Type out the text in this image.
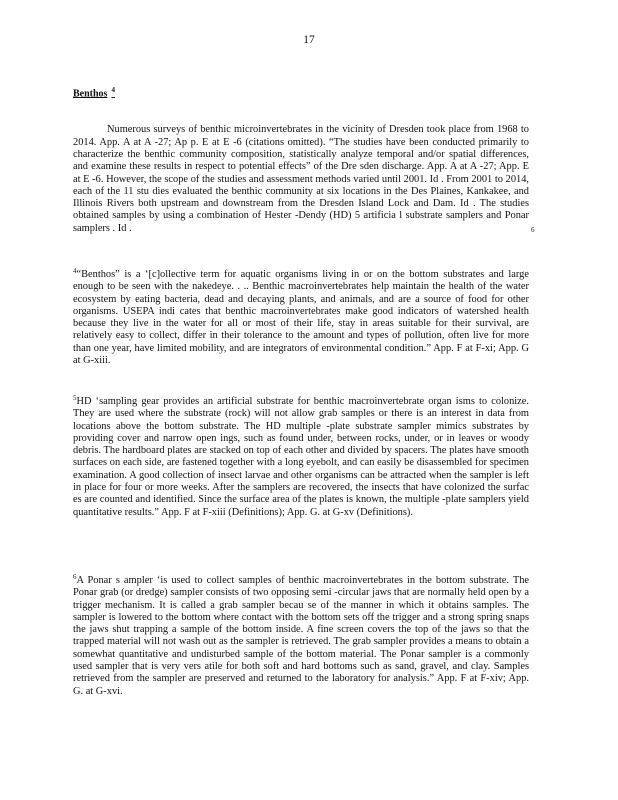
17
Benthos $^4$

Numerous surveys of benthic microinvertebrates in the vicinity of Dresden took place from 1968 to 2014. App. A at A -27; Ap p. E at E -6 (citations omitted). “The studies have been conducted primarily to characterize the benthic community composition, statistically analyze temporal and/or spatial differences, and examine these results in respect to potential effects” of the Dre sden discharge. App. A at A -27; App. E at E -6. However, the scope of the studies and assessment methods varied until 2001. Id . From 2001 to 2014, each of the 11 stu dies evaluated the benthic community at six locations in the Des Plaines, Kankakee, and Illinois Rivers both upstream and downstream from the Dresden Island Lock and Dam. Id . The studies obtained samples by using a combination of Hester -Dendy (HD) 5 artificia l substrate samplers and Ponar samplers . Id .	6
$^4$“Benthos” is a ‘[c]ollective term for aquatic organisms living in or on the bottom substrates and large enough to be seen with the nakedeye. . .. Benthic macroinvertebrates help maintain the health of the water ecosystem by eating bacteria, dead and decaying plants, and animals, and are a source of food for other organisms. USEPA indi cates that benthic macroinvertebrates make good indicators of watershed health because they live in the water for all or most of their life, stay in areas suitable for their survival, are relatively easy to collect, differ in their tolerance to the amount and types of pollution, often live for more than one year, have limited mobility, and are integrators of environmental condition.” App. F at F-xi; App. G at G-xiii.
$^5$HD ‘sampling gear provides an artificial substrate for benthic macroinvertebrate organ isms to colonize. They are used where the substrate (rock) will not allow grab samples or there is an interest in data from locations above the bottom substrate. The HD multiple -plate substrate sampler mimics substrates by providing cover and narrow open ings, such as found under, between rocks, under, or in leaves or woody debris. The hardboard plates are stacked on top of each other and divided by spacers. The plates have smooth surfaces on each side, are fastened together with a long eyebolt, and can easily be disassembled for specimen examination. A good collection of insect larvae and other organisms can be attracted when the sampler is left in place for four or more weeks. After the samplers are recovered, the insects that have colonized the surfac es are counted and identified. Since the surface area of the plates is known, the multiple -plate samplers yield quantitative results.” App. F at F-xiii (Definitions); App. G. at G-xv (Definitions).
$^6$A Ponar s ampler ‘is used to collect samples of benthic macroinvertebrates in the bottom substrate. The Ponar grab (or dredge) sampler consists of two opposing semi -circular jaws that are normally held open by a trigger mechanism. It is called a grab sampler becau se of the manner in which it obtains samples. The sampler is lowered to the bottom where contact with the bottom sets off the trigger and a strong spring snaps the jaws shut trapping a sample of the bottom inside. A fine screen covers the top of the jaws so that the trapped material will not wash out as the sampler is retrieved. The grab sampler provides a means to obtain a somewhat quantitative and undisturbed sample of the bottom material. The Ponar sampler is a commonly used sampler that is very vers atile for both soft and hard bottoms such as sand, gravel, and clay. Samples retrieved from the sampler are preserved and returned to the laboratory for analysis.” App. F at F-xiv; App. G. at G-xvi.
